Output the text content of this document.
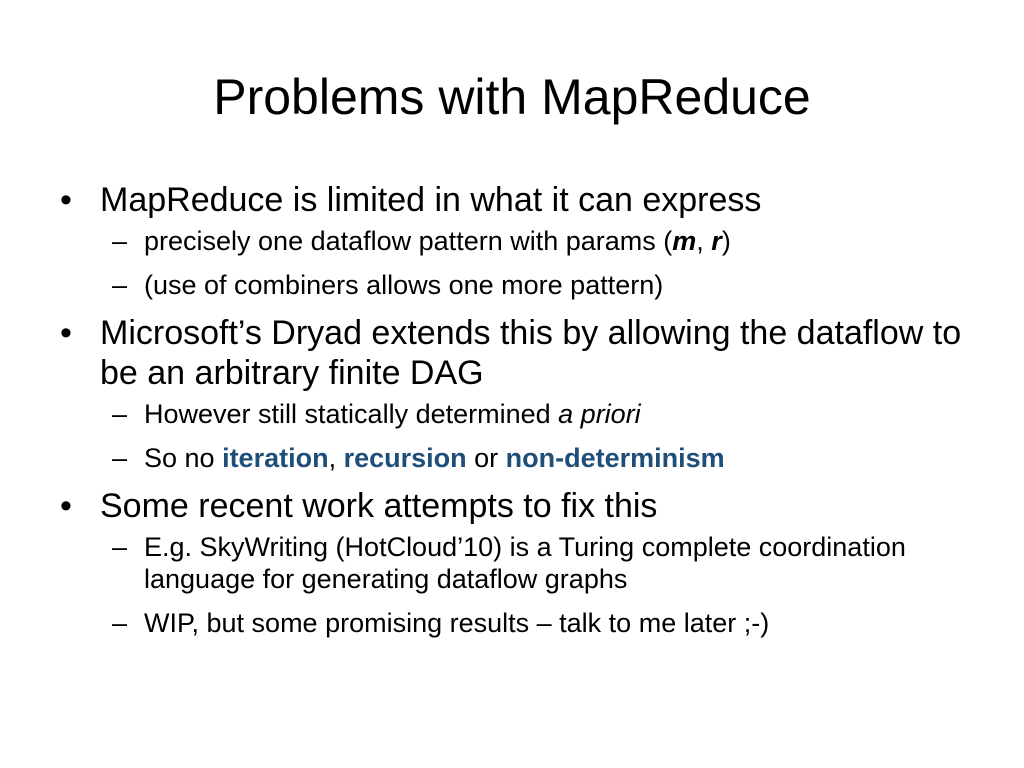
Problems with MapReduce
• MapReduce is limited in what it can express
– precisely one dataflow pattern with params (m, r)
– (use of combiners allows one more pattern)
• Microsoft’s Dryad extends this by allowing the dataflow to be an arbitrary finite DAG
– However still statically determined a priori
– So no iteration, recursion or non-determinism
• Some recent work attempts to fix this
– E.g. SkyWriting (HotCloud’10) is a Turing complete coordination language for generating dataflow graphs
– WIP, but some promising results – talk to me later ;-)
